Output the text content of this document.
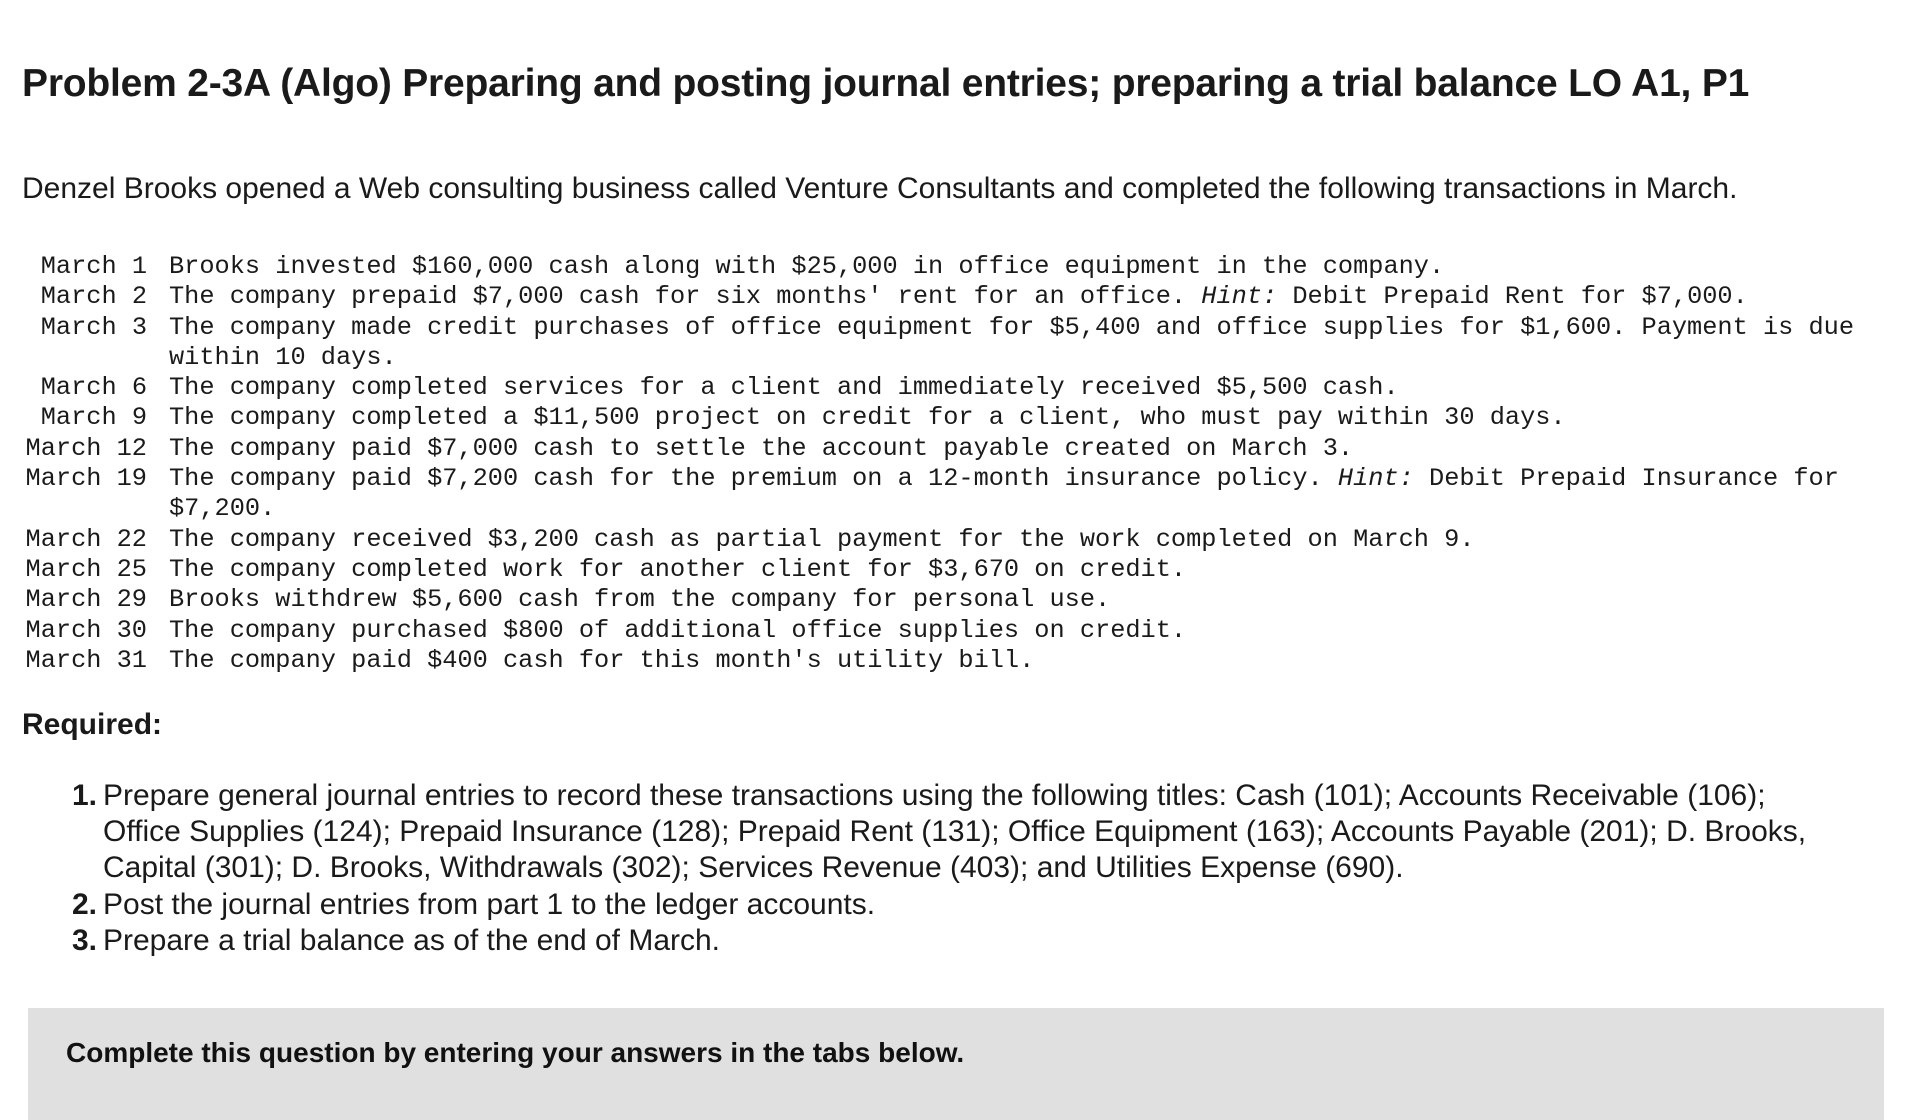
Problem 2-3A (Algo) Preparing and posting journal entries; preparing a trial balance LO A1, P1

Denzel Brooks opened a Web consulting business called Venture Consultants and completed the following transactions in March.

March 1 Brooks invested $160,000 cash along with $25,000 in office equipment in the company.
March 2 The company prepaid $7,000 cash for six months' rent for an office. Hint: Debit Prepaid Rent for $7,000.
March 3 The company made credit purchases of office equipment for $5,400 and office supplies for $1,600. Payment is due within 10 days.
March 6 The company completed services for a client and immediately received $5,500 cash.
March 9 The company completed a $11,500 project on credit for a client, who must pay within 30 days.
March 12 The company paid $7,000 cash to settle the account payable created on March 3.
March 19 The company paid $7,200 cash for the premium on a 12-month insurance policy. Hint: Debit Prepaid Insurance for $7,200.
March 22 The company received $3,200 cash as partial payment for the work completed on March 9.
March 25 The company completed work for another client for $3,670 on credit.
March 29 Brooks withdrew $5,600 cash from the company for personal use.
March 30 The company purchased $800 of additional office supplies on credit.
March 31 The company paid $400 cash for this month's utility bill.
Required:
1. Prepare general journal entries to record these transactions using the following titles: Cash (101); Accounts Receivable (106); Office Supplies (124); Prepaid Insurance (128); Prepaid Rent (131); Office Equipment (163); Accounts Payable (201); D. Brooks, Capital (301); D. Brooks, Withdrawals (302); Services Revenue (403); and Utilities Expense (690).
2. Post the journal entries from part 1 to the ledger accounts.
3. Prepare a trial balance as of the end of March.

Complete this question by entering your answers in the tabs below.
